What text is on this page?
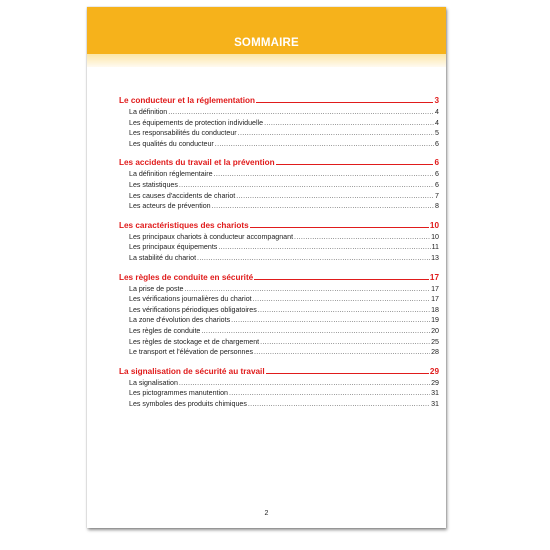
SOMMAIRE
Le conducteur et la réglementation	3
La définition .....	4
Les équipements de protection individuelle .....	4
Les responsabilités du conducteur .....	5
Les qualités du conducteur .....	6
Les accidents du travail et la prévention	6
La définition réglementaire .....	6
Les statistiques .....	6
Les causes d'accidents de chariot .....	7
Les acteurs de prévention .....	8
Les caractéristiques des chariots	10
Les principaux chariots à conducteur accompagnant .....	10
Les principaux équipements .....	11
La stabilité du chariot .....	13
Les règles de conduite en sécurité	17
La prise de poste .....	17
Les vérifications journalières du chariot .....	17
Les vérifications périodiques obligatoires .....	18
La zone d'évolution des chariots .....	19
Les règles de conduite .....	20
Les règles de stockage et de chargement .....	25
Le transport et l'élévation de personnes .....	28
La signalisation de sécurité au travail	29
La signalisation .....	29
Les pictogrammes manutention .....	31
Les symboles des produits chimiques .....	31
2
